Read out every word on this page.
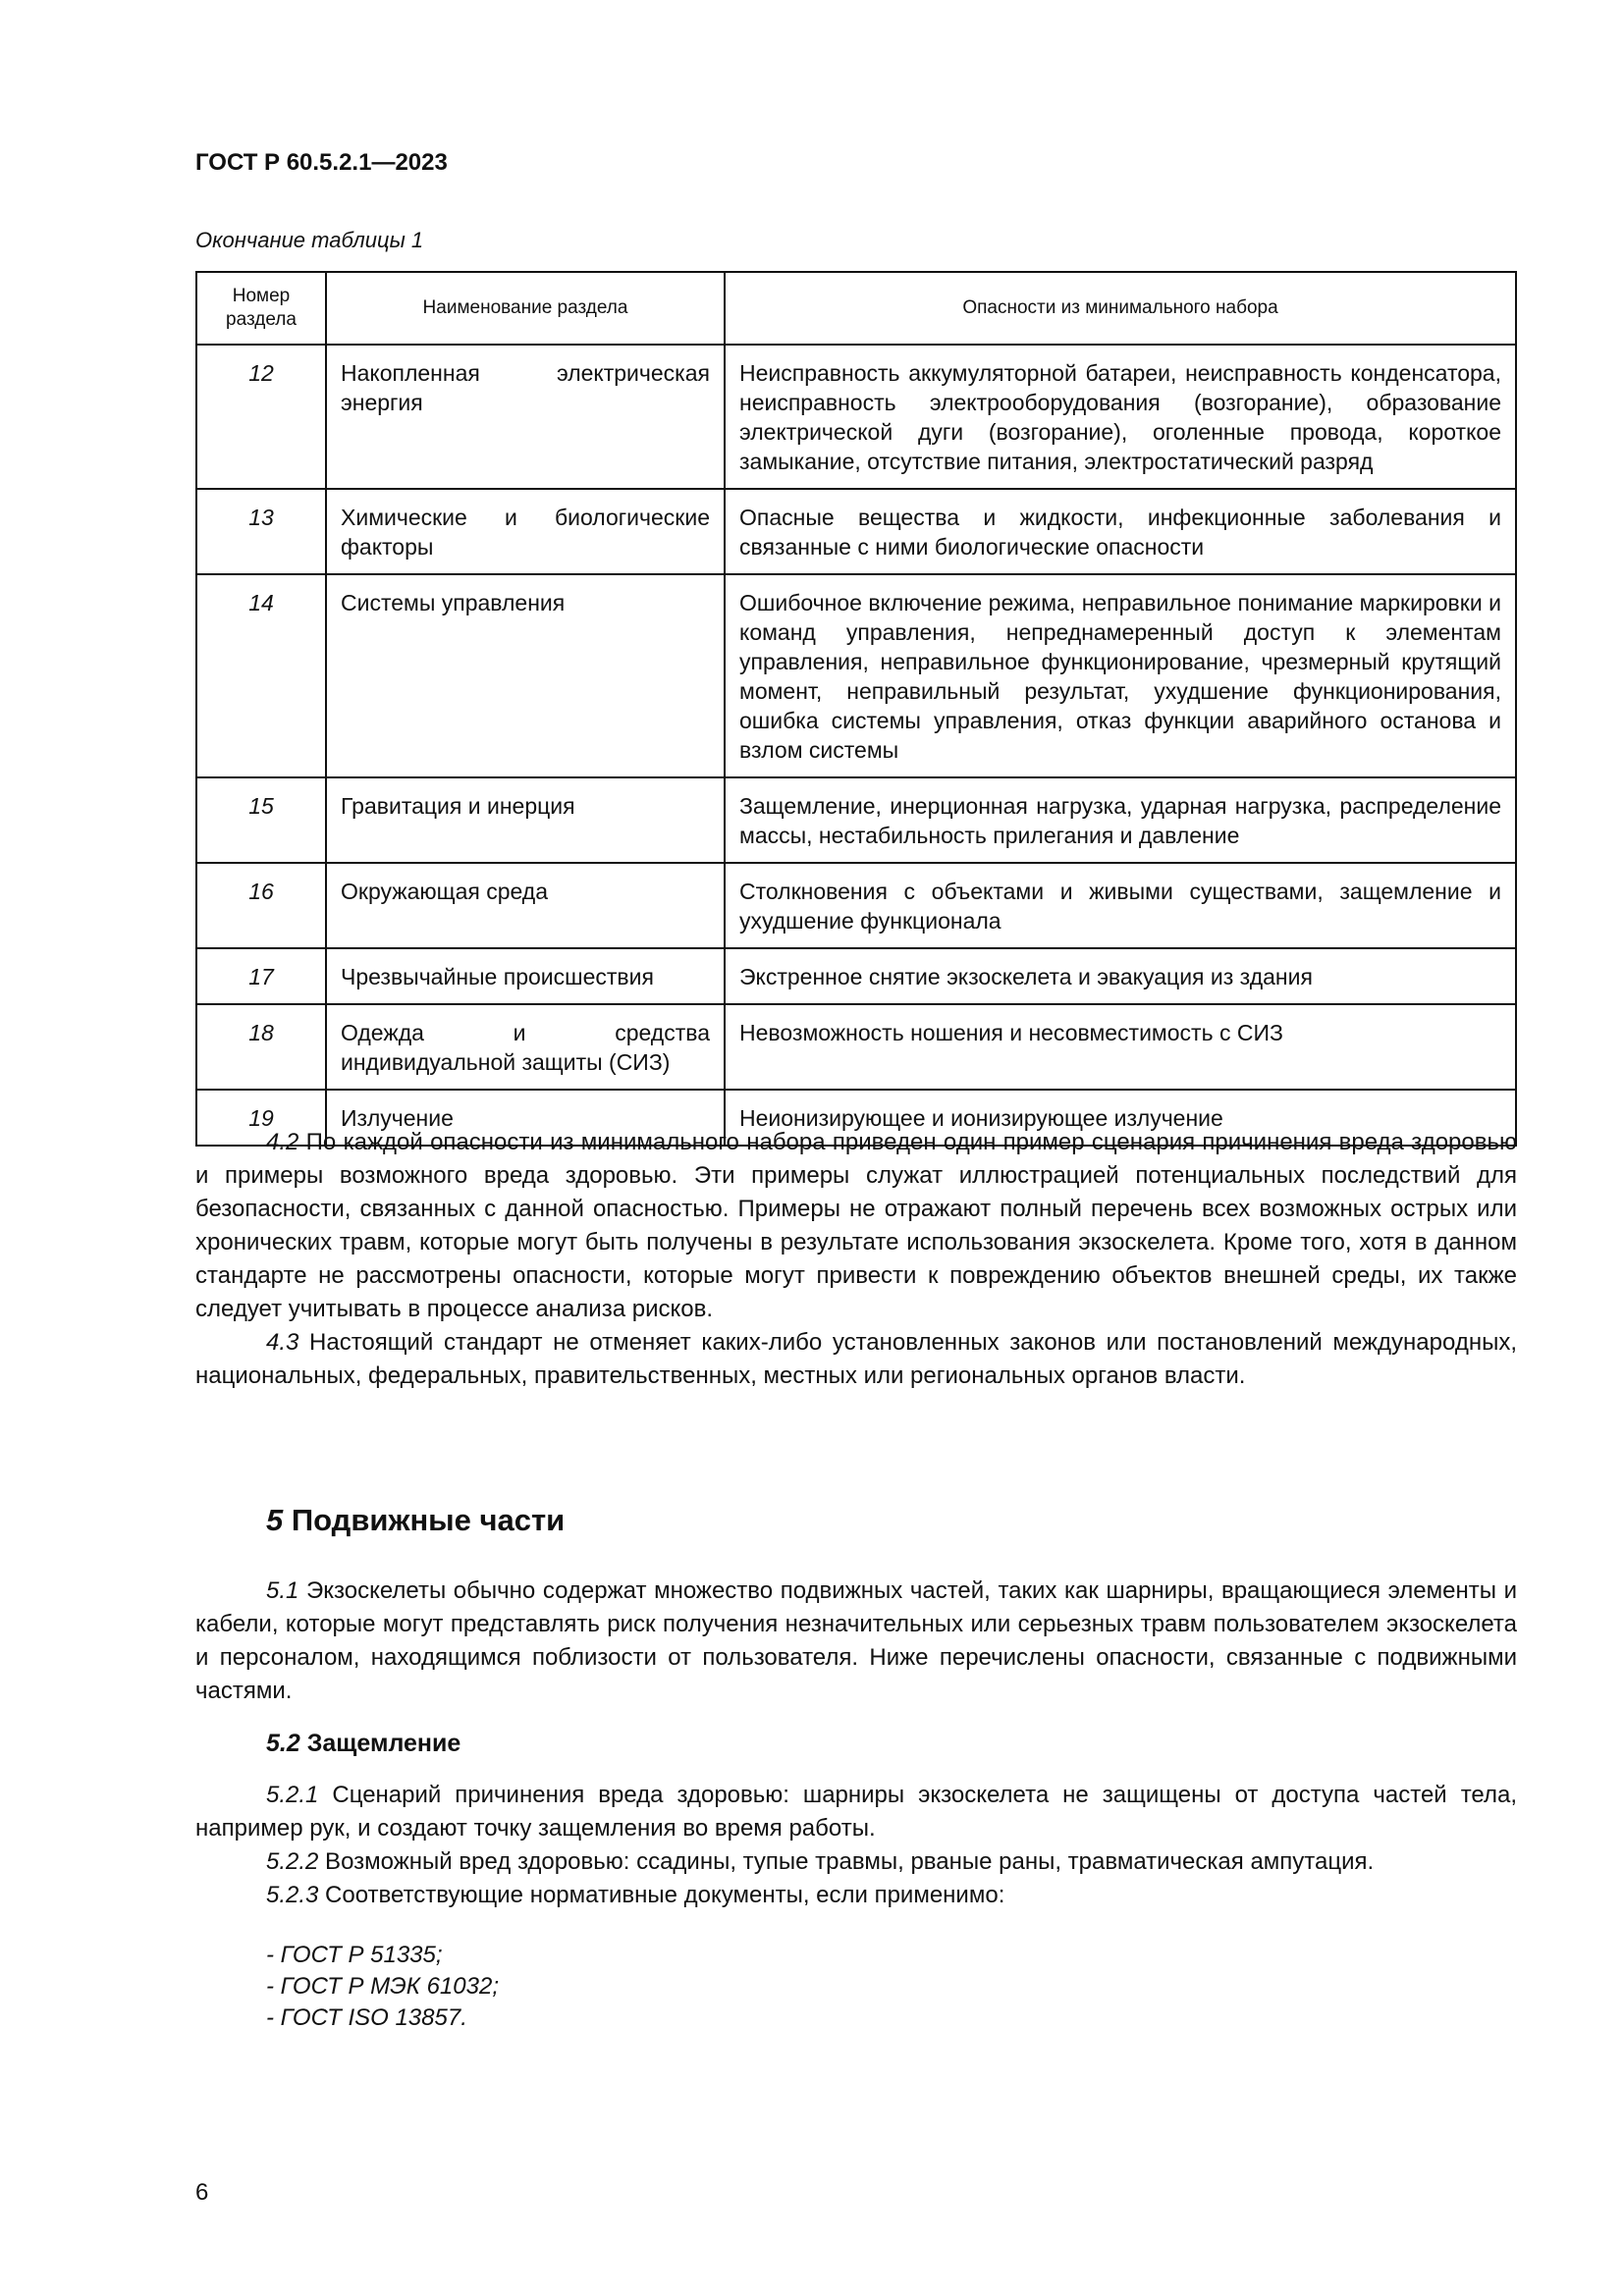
ГОСТ Р 60.5.2.1—2023
Окончание таблицы 1
Номер раздела	Наименование раздела	Опасности из минимального набора
12	Накопленная электрическая энергия	Неисправность аккумуляторной батареи, неисправность конденсатора, неисправность электрооборудования (возгорание), образование электрической дуги (возгорание), оголенные провода, короткое замыкание, отсутствие питания, электростатический разряд
13	Химические и биологические факторы	Опасные вещества и жидкости, инфекционные заболевания и связанные с ними биологические опасности
14	Системы управления	Ошибочное включение режима, неправильное понимание маркировки и команд управления, непреднамеренный доступ к элементам управления, неправильное функционирование, чрезмерный крутящий момент, неправильный результат, ухудшение функционирования, ошибка системы управления, отказ функции аварийного останова и взлом системы
15	Гравитация и инерция	Защемление, инерционная нагрузка, ударная нагрузка, распределение массы, нестабильность прилегания и давление
16	Окружающая среда	Столкновения с объектами и живыми существами, защемление и ухудшение функционала
17	Чрезвычайные происшествия	Экстренное снятие экзоскелета и эвакуация из здания
18	Одежда и средства индивидуальной защиты (СИЗ)	Невозможность ношения и несовместимость с СИЗ
19	Излучение	Неионизирующее и ионизирующее излучение

4.2 По каждой опасности из минимального набора приведен один пример сценария причинения вреда здоровью и примеры возможного вреда здоровью. Эти примеры служат иллюстрацией потенциальных последствий для безопасности, связанных с данной опасностью. Примеры не отражают полный перечень всех возможных острых или хронических травм, которые могут быть получены в результате использования экзоскелета. Кроме того, хотя в данном стандарте не рассмотрены опасности, которые могут привести к повреждению объектов внешней среды, их также следует учитывать в процессе анализа рисков.

4.3 Настоящий стандарт не отменяет каких-либо установленных законов или постановлений международных, национальных, федеральных, правительственных, местных или региональных органов власти.

5 Подвижные части

5.1 Экзоскелеты обычно содержат множество подвижных частей, таких как шарниры, вращающиеся элементы и кабели, которые могут представлять риск получения незначительных или серьезных травм пользователем экзоскелета и персоналом, находящимся поблизости от пользователя. Ниже перечислены опасности, связанные с подвижными частями.

5.2 Защемление

5.2.1 Сценарий причинения вреда здоровью: шарниры экзоскелета не защищены от доступа частей тела, например рук, и создают точку защемления во время работы.

5.2.2 Возможный вред здоровью: ссадины, тупые травмы, рваные раны, травматическая ампутация.

5.2.3 Соответствующие нормативные документы, если применимо:

- ГОСТ Р 51335;
- ГОСТ Р МЭК 61032;
- ГОСТ ISO 13857.
6
